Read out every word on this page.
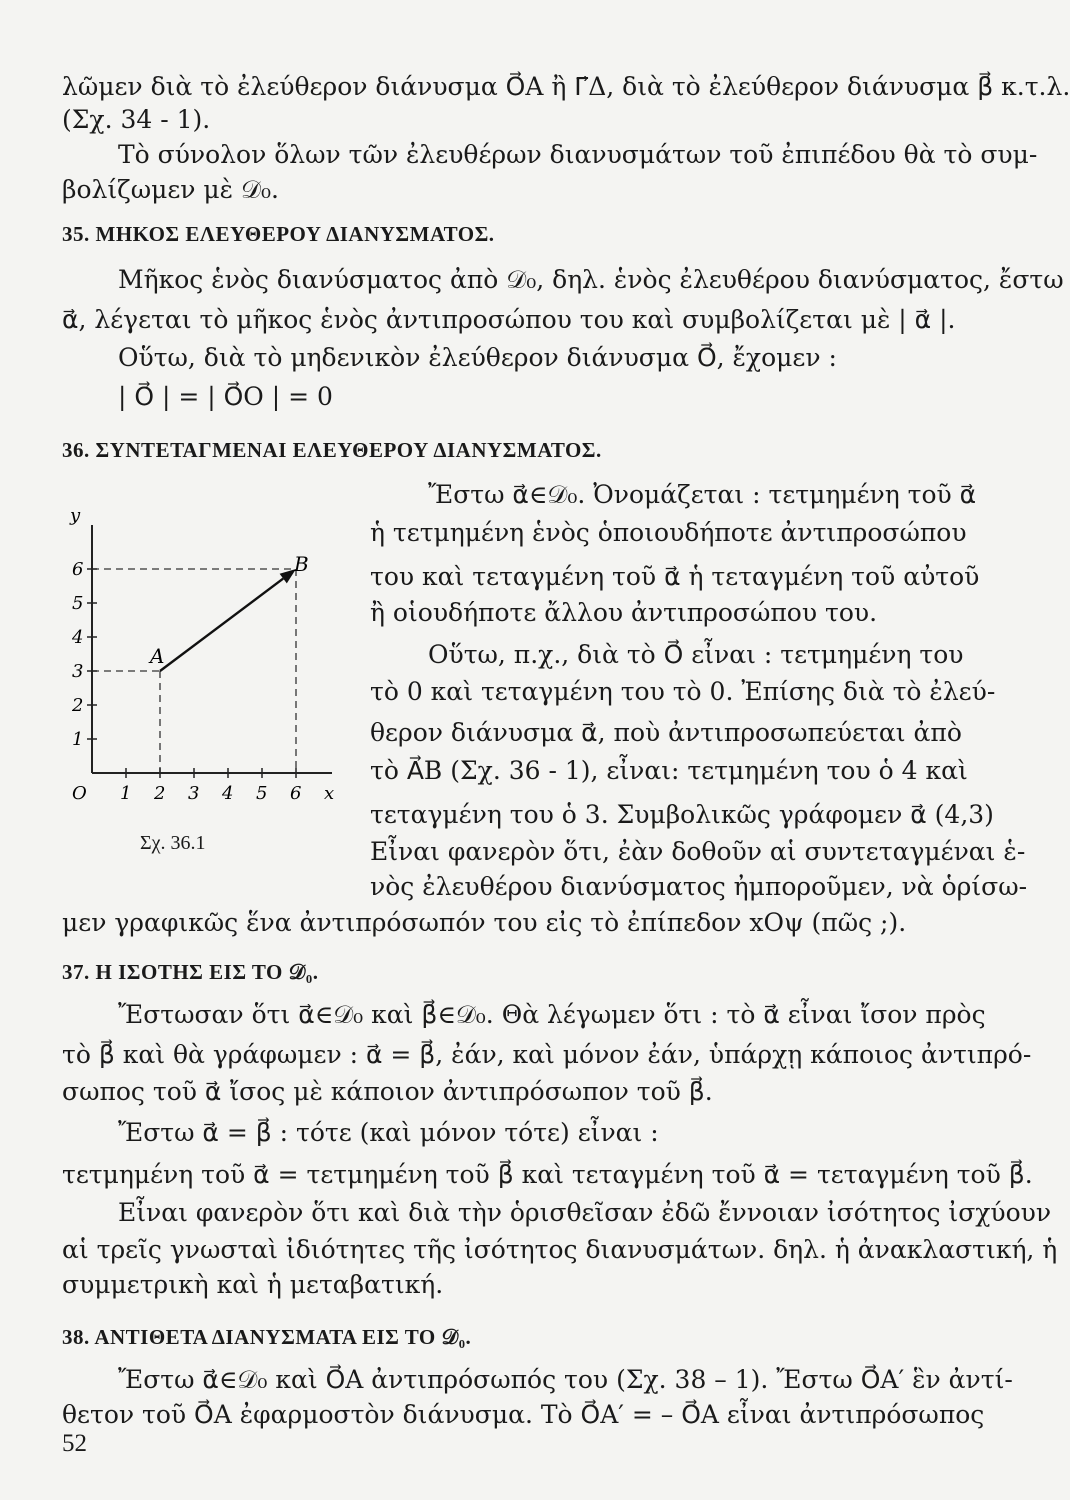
λῶμεν διὰ τὸ ἐλεύθερον διάνυσμα O⃗A ἢ Γ⃗Δ, διὰ τὸ ἐλεύθερον διάνυσμα β⃗ κ.τ.λ.
(Σχ. 34 - 1).
Τὸ σύνολον ὅλων τῶν ἐλευθέρων διανυσμάτων τοῦ ἐπιπέδου θὰ τὸ συμ-
βολίζωμεν μὲ 𝒟₀.
35. ΜΗΚΟΣ ΕΛΕΥΘΕΡΟΥ ΔΙΑΝΥΣΜΑΤΟΣ.
Μῆκος ἑνὸς διανύσματος ἀπὸ 𝒟₀, δηλ. ἑνὸς ἐλευθέρου διανύσματος, ἔστω
α⃗, λέγεται τὸ μῆκος ἑνὸς ἀντιπροσώπου του καὶ συμβολίζεται μὲ | α⃗ |.
Οὕτω, διὰ τὸ μηδενικὸν ἐλεύθερον διάνυσμα O⃗, ἔχομεν :
| O⃗ | = | O⃗O | = 0
36. ΣΥΝΤΕΤΑΓΜΕΝΑΙ ΕΛΕΥΘΕΡΟΥ ΔΙΑΝΥΣΜΑΤΟΣ.
O 1 2 3 4 5 6 x
1
2
3
4
5
6
y
A
B
Σχ. 36.1
Ἔστω α⃗∈𝒟₀. Ὀνομάζεται : τετμημένη τοῦ α⃗
ἡ τετμημένη ἑνὸς ὁποιουδήποτε ἀντιπροσώπου
του καὶ τεταγμένη τοῦ α⃗ ἡ τεταγμένη τοῦ αὐτοῦ
ἢ οἱουδήποτε ἄλλου ἀντιπροσώπου του.
Οὕτω, π.χ., διὰ τὸ O⃗ εἶναι : τετμημένη του
τὸ 0 καὶ τεταγμένη του τὸ 0. Ἐπίσης διὰ τὸ ἐλεύ-
θερον διάνυσμα α⃗, ποὺ ἀντιπροσωπεύεται ἀπὸ
τὸ A⃗B (Σχ. 36 - 1), εἶναι: τετμημένη του ὁ 4 καὶ
τεταγμένη του ὁ 3. Συμβολικῶς γράφομεν α⃗ (4,3)
Εἶναι φανερὸν ὅτι, ἐὰν δοθοῦν αἱ συντεταγμέναι ἑ-
νὸς ἐλευθέρου διανύσματος ἠμποροῦμεν, νὰ ὁρίσω-
μεν γραφικῶς ἕνα ἀντιπρόσωπόν του εἰς τὸ ἐπίπεδον xOψ (πῶς ;).
37. Η ΙΣΟΤΗΣ ΕΙΣ ΤΟ 𝒟₀.
Ἔστωσαν ὅτι α⃗∈𝒟₀ καὶ β⃗∈𝒟₀. Θὰ λέγωμεν ὅτι : τὸ α⃗ εἶναι ἴσον πρὸς
τὸ β⃗ καὶ θὰ γράφωμεν : α⃗ = β⃗, ἐάν, καὶ μόνον ἐάν, ὑπάρχῃ κάποιος ἀντιπρό-
σωπος τοῦ α⃗ ἴσος μὲ κάποιον ἀντιπρόσωπον τοῦ β⃗.
Ἔστω α⃗ = β⃗ : τότε (καὶ μόνον τότε) εἶναι :
τετμημένη τοῦ α⃗ = τετμημένη τοῦ β⃗ καὶ τεταγμένη τοῦ α⃗ = τεταγμένη τοῦ β⃗.
Εἶναι φανερὸν ὅτι καὶ διὰ τὴν ὁρισθεῖσαν ἐδῶ ἔννοιαν ἰσότητος ἰσχύουν
αἱ τρεῖς γνωσταὶ ἰδιότητες τῆς ἰσότητος διανυσμάτων. δηλ. ἡ ἀνακλαστική, ἡ
συμμετρικὴ καὶ ἡ μεταβατική.
38. ΑΝΤΙΘΕΤΑ ΔΙΑΝΥΣΜΑΤΑ ΕΙΣ ΤΟ 𝒟₀.
Ἔστω α⃗∈𝒟₀ καὶ O⃗A ἀντιπρόσωπός του (Σχ. 38 – 1). Ἔστω O⃗A′ ἓν ἀντί-
θετον τοῦ O⃗A ἐφαρμοστὸν διάνυσμα. Τὸ O⃗A′ = – O⃗A εἶναι ἀντιπρόσωπος
52
